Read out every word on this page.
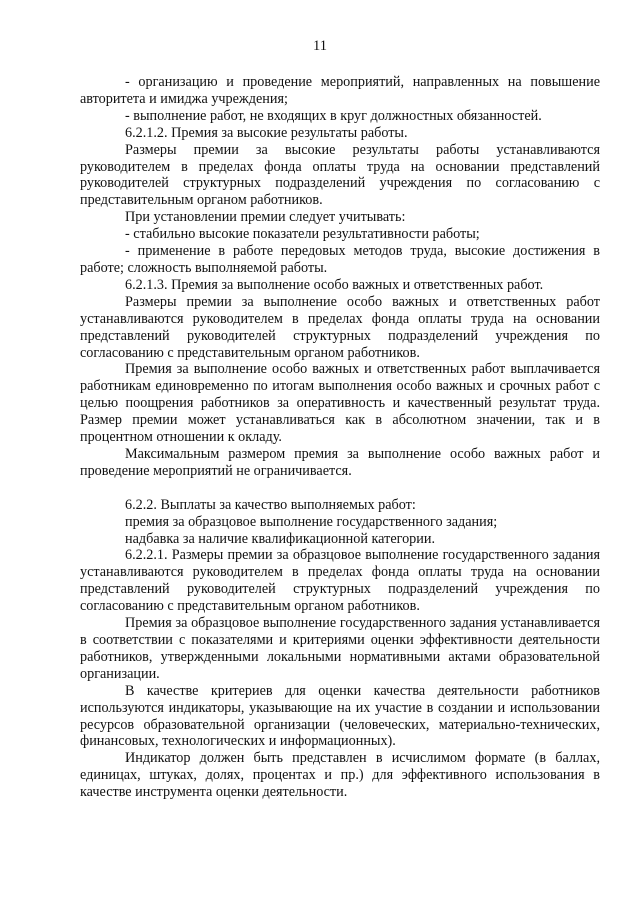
11

- организацию и проведение мероприятий, направленных на повышение авторитета и имиджа учреждения;

- выполнение работ, не входящих в круг должностных обязанностей.

6.2.1.2. Премия за высокие результаты работы.

Размеры премии за высокие результаты работы устанавливаются руководителем в пределах фонда оплаты труда на основании представлений руководителей структурных подразделений учреждения по согласованию с представительным органом работников.

При установлении премии следует учитывать:

- стабильно высокие показатели результативности работы;

- применение в работе передовых методов труда, высокие достижения в работе; сложность выполняемой работы.

6.2.1.3. Премия за выполнение особо важных и ответственных работ.

Размеры премии за выполнение особо важных и ответственных работ устанавливаются руководителем в пределах фонда оплаты труда на основании представлений руководителей структурных подразделений учреждения по согласованию с представительным органом работников.

Премия за выполнение особо важных и ответственных работ выплачивается работникам единовременно по итогам выполнения особо важных и срочных работ с целью поощрения работников за оперативность и качественный результат труда. Размер премии может устанавливаться как в абсолютном значении, так и в процентном отношении к окладу.

Максимальным размером премия за выполнение особо важных работ и проведение мероприятий не ограничивается.

6.2.2. Выплаты за качество выполняемых работ:

премия за образцовое выполнение государственного задания;

надбавка за наличие квалификационной категории.

6.2.2.1. Размеры премии за образцовое выполнение государственного задания устанавливаются руководителем в пределах фонда оплаты труда на основании представлений руководителей структурных подразделений учреждения по согласованию с представительным органом работников.

Премия за образцовое выполнение государственного задания устанавливается в соответствии с показателями и критериями оценки эффективности деятельности работников, утвержденными локальными нормативными актами образовательной организации.

В качестве критериев для оценки качества деятельности работников используются индикаторы, указывающие на их участие в создании и использовании ресурсов образовательной организации (человеческих, материально-технических, финансовых, технологических и информационных).

Индикатор должен быть представлен в исчислимом формате (в баллах, единицах, штуках, долях, процентах и пр.) для эффективного использования в качестве инструмента оценки деятельности.
